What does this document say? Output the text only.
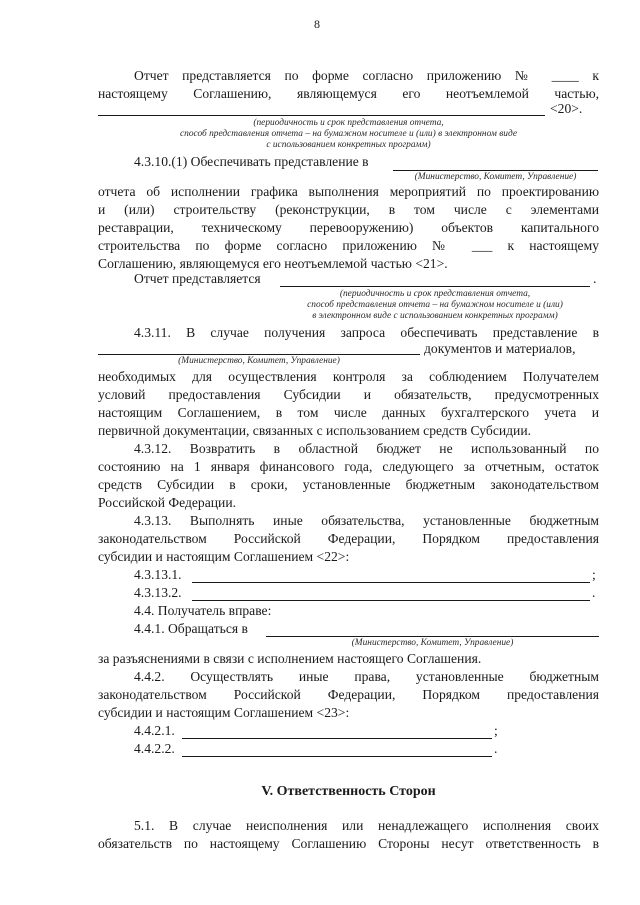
8
Отчет представляется по форме согласно приложению № ____ к
настоящему Соглашению, являющемуся его неотъемлемой частью,
<20>.
(периодичность и срок представления отчета,
способ представления отчета – на бумажном носителе и (или) в электронном виде
с использованием конкретных программ)
4.3.10.(1) Обеспечивать представление в
(Министерство, Комитет, Управление)
отчета об исполнении графика выполнения мероприятий по проектированию
и (или) строительству (реконструкции, в том числе с элементами
реставрации, техническому перевооружению) объектов капитального
строительства по форме согласно приложению № ___ к настоящему
Соглашению, являющемуся его неотъемлемой частью <21>.
Отчет представляется	.
(периодичность и срок представления отчета,
способ представления отчета – на бумажном носителе и (или)
в электронном виде с использованием конкретных программ)
4.3.11. В случае получения запроса обеспечивать представление в
документов и материалов,
(Министерство, Комитет, Управление)
необходимых для осуществления контроля за соблюдением Получателем
условий предоставления Субсидии и обязательств, предусмотренных
настоящим Соглашением, в том числе данных бухгалтерского учета и
первичной документации, связанных с использованием средств Субсидии.
4.3.12. Возвратить в областной бюджет не использованный по
состоянию на 1 января финансового года, следующего за отчетным, остаток
средств Субсидии в сроки, установленные бюджетным законодательством
Российской Федерации.
4.3.13. Выполнять иные обязательства, установленные бюджетным
законодательством Российской Федерации, Порядком предоставления
субсидии и настоящим Соглашением <22>:
4.3.13.1.	;
4.3.13.2.	.
4.4. Получатель вправе:
4.4.1. Обращаться в
(Министерство, Комитет, Управление)
за разъяснениями в связи с исполнением настоящего Соглашения.
4.4.2. Осуществлять иные права, установленные бюджетным
законодательством Российской Федерации, Порядком предоставления
субсидии и настоящим Соглашением <23>:
4.4.2.1.	;
4.4.2.2.	.
V. Ответственность Сторон
5.1. В случае неисполнения или ненадлежащего исполнения своих
обязательств по настоящему Соглашению Стороны несут ответственность в
